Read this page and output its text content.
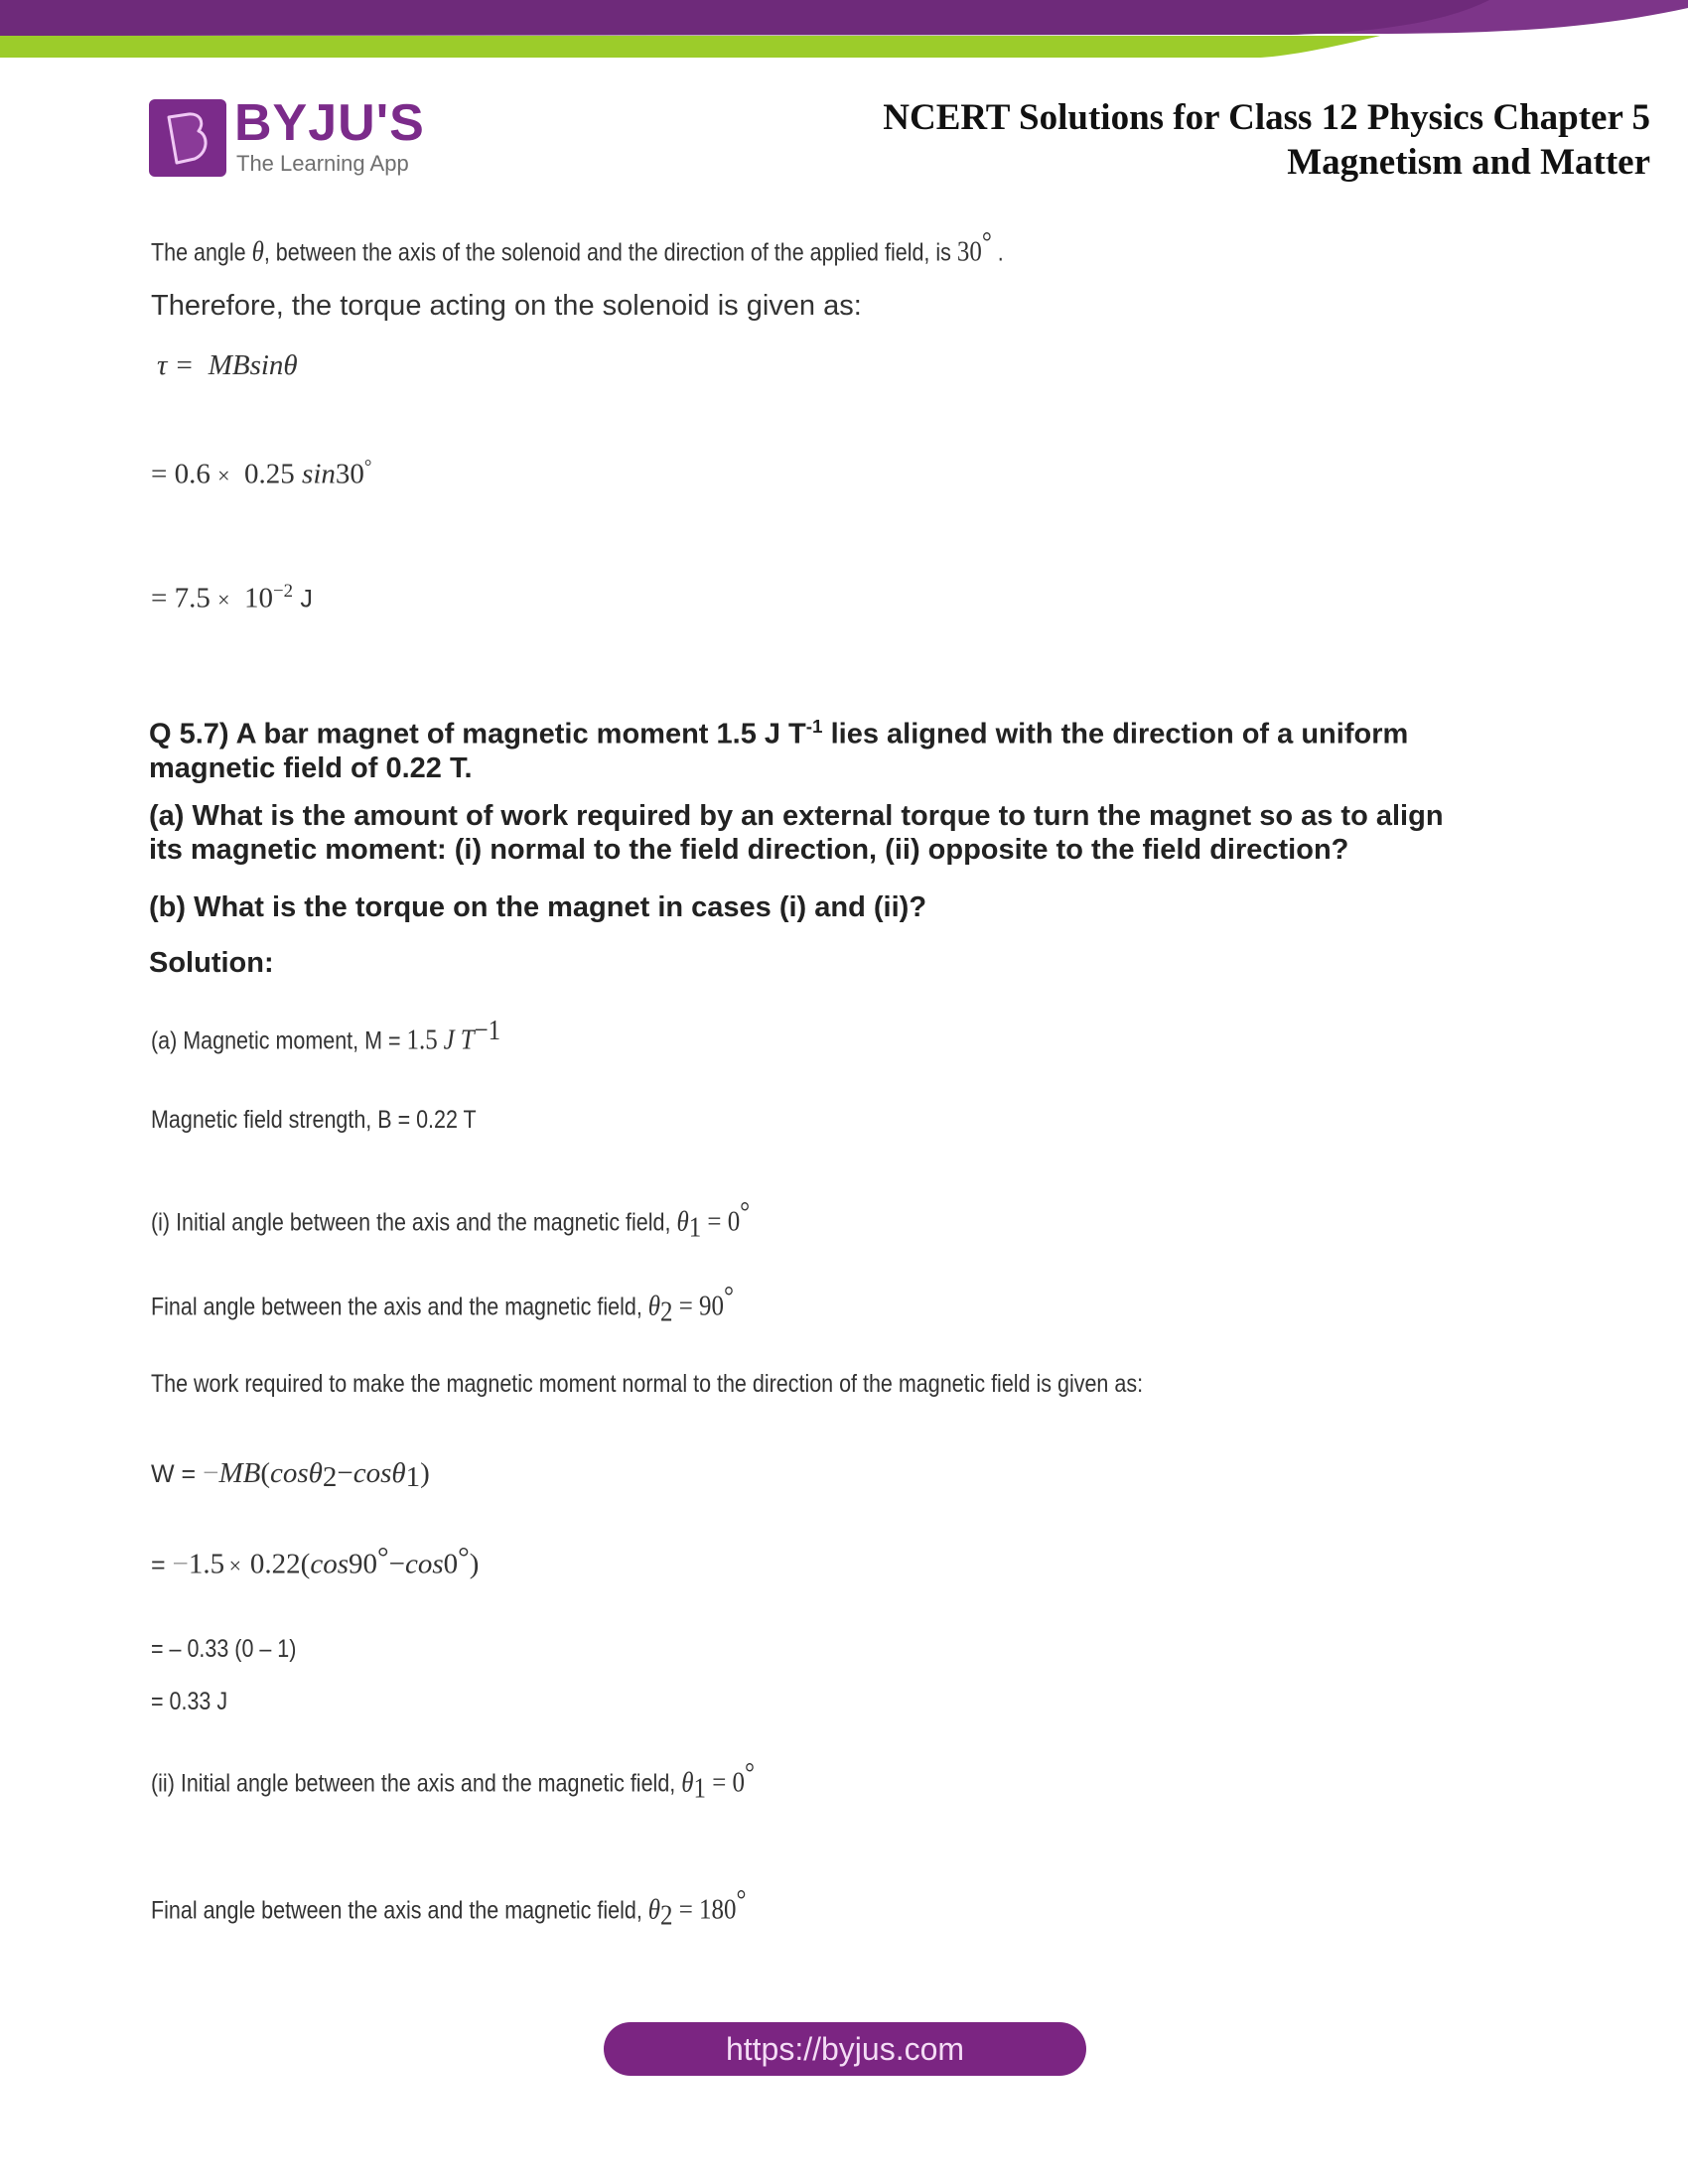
BYJU'S
The Learning App
NCERT Solutions for Class 12 Physics Chapter 5
Magnetism and Matter
The angle θ, between the axis of the solenoid and the direction of the applied field, is 30° .
Therefore, the torque acting on the solenoid is given as:
τ = MBsinθ
= 0.6 × 0.25 sin30°
= $7.5 \times 10^{-2}$ J
Q 5.7) A bar magnet of magnetic moment 1.5 J $T^{-1}$ lies aligned with the direction of a uniform
magnetic field of 0.22 T.
(a) What is the amount of work required by an external torque to turn the magnet so as to align
its magnetic moment: (i) normal to the field direction, (ii) opposite to the field direction?
(b) What is the torque on the magnet in cases (i) and (ii)?
Solution:
(a) Magnetic moment, M = 1.5 J $T^{-1}$
Magnetic field strength, B = 0.22 T
(i) Initial angle between the axis and the magnetic field, $\theta_1 = 0^\circ$
Final angle between the axis and the magnetic field, $\theta_2 = 90^\circ$
The work required to make the magnetic moment normal to the direction of the magnetic field is given as:
W = −MB(cosθ$_2$−cosθ$_1$)
= −1.5 × 0.22(cos90°−cos0°)
= – 0.33 (0 – 1)
= 0.33 J
(ii) Initial angle between the axis and the magnetic field, $\theta_1 = 0^\circ$
Final angle between the axis and the magnetic field, $\theta_2 = 180^\circ$
https://byjus.com
